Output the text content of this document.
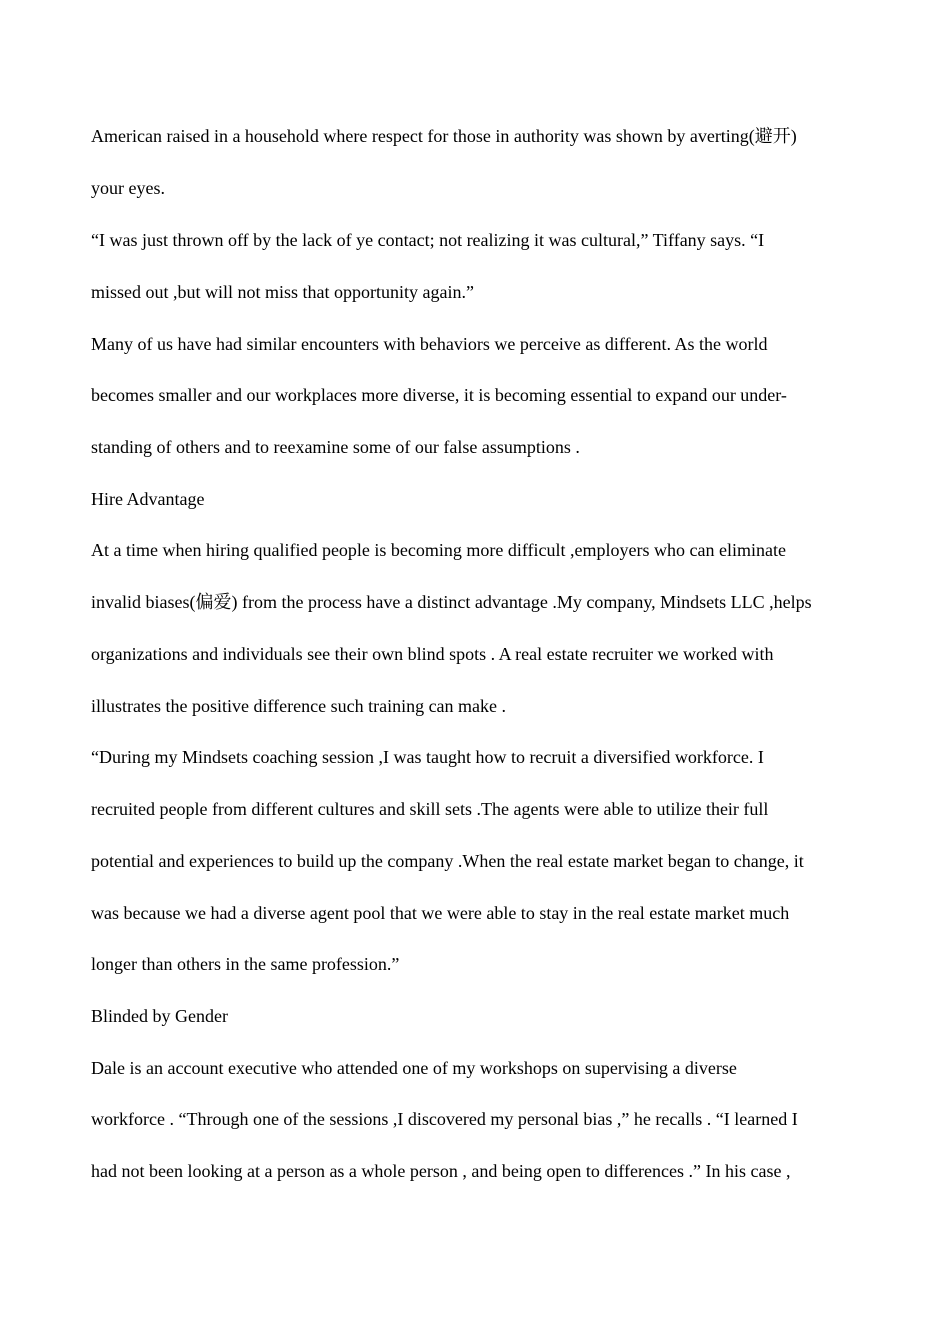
American raised in a household where respect for those in authority was shown by averting(避开)
your eyes.
“I was just thrown off by the lack of ye contact; not realizing it was cultural,” Tiffany says. “I
missed out ,but will not miss that opportunity again.”
Many of us have had similar encounters with behaviors we perceive as different. As the world
becomes smaller and our workplaces more diverse, it is becoming essential to expand our under-
standing of others and to reexamine some of our false assumptions .
Hire Advantage
At a time when hiring qualified people is becoming more difficult ,employers who can eliminate
invalid biases(偏爱) from the process have a distinct advantage .My company, Mindsets LLC ,helps
organizations and individuals see their own blind spots . A real estate recruiter we worked with
illustrates the positive difference such training can make .
“During my Mindsets coaching session ,I was taught how to recruit a diversified workforce. I
recruited people from different cultures and skill sets .The agents were able to utilize their full
potential and experiences to build up the company .When the real estate market began to change, it
was because we had a diverse agent pool that we were able to stay in the real estate market much
longer than others in the same profession.”
Blinded by Gender
Dale is an account executive who attended one of my workshops on supervising a diverse
workforce . “Through one of the sessions ,I discovered my personal bias ,” he recalls . “I learned I
had not been looking at a person as a whole person , and being open to differences .” In his case ,
